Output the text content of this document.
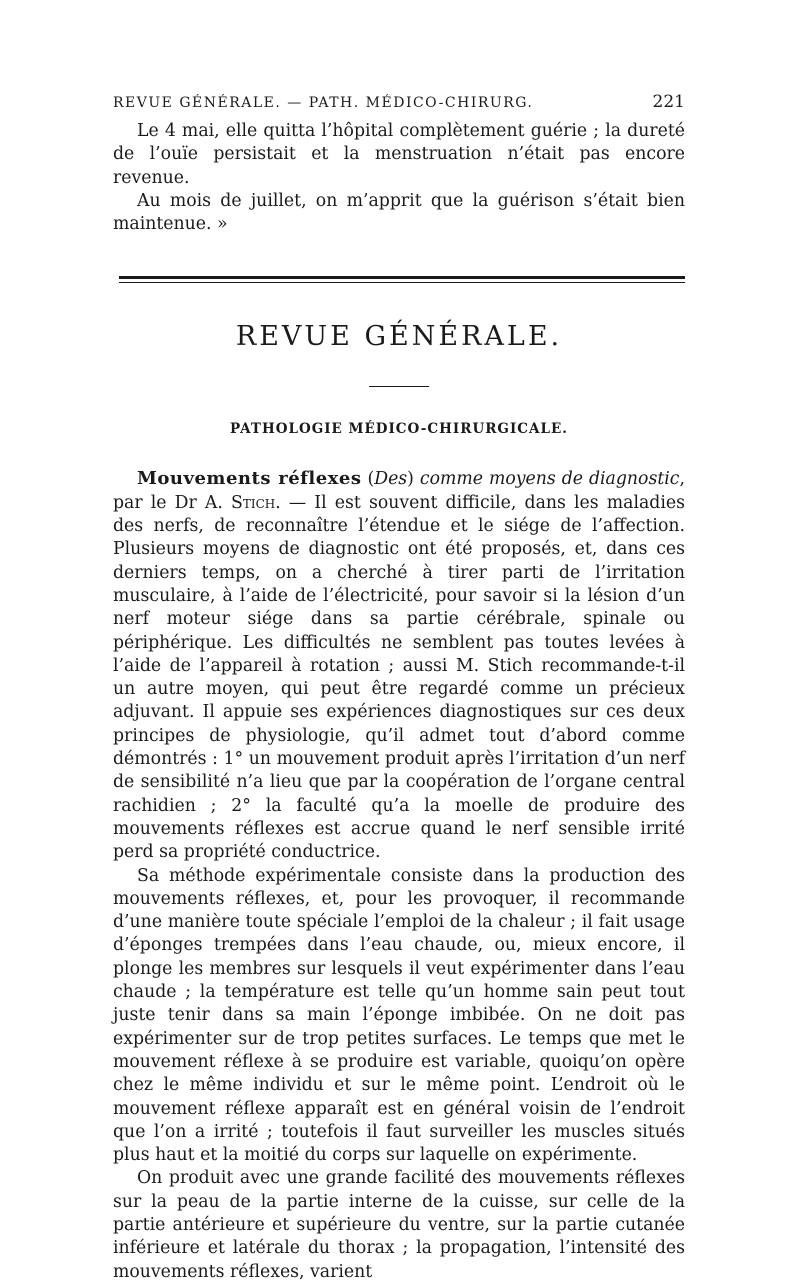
REVUE GÉNÉRALE. — PATH. MÉDICO-CHIRURG.	221

Le 4 mai, elle quitta l’hôpital complètement guérie ; la dureté de l’ouïe persistait et la menstruation n’était pas encore revenue.

Au mois de juillet, on m’apprit que la guérison s’était bien maintenue. »

REVUE GÉNÉRALE.
PATHOLOGIE MÉDICO-CHIRURGICALE.

Mouvements réflexes (Des) comme moyens de diagnostic, par le Dr A. Stich. — Il est souvent difficile, dans les maladies des nerfs, de reconnaître l’étendue et le siége de l’affection. Plusieurs moyens de diagnostic ont été proposés, et, dans ces derniers temps, on a cherché à tirer parti de l’irritation musculaire, à l’aide de l’électricité, pour savoir si la lésion d’un nerf moteur siége dans sa partie cérébrale, spinale ou périphérique. Les difficultés ne semblent pas toutes levées à l’aide de l’appareil à rotation ; aussi M. Stich recommande-t-il un autre moyen, qui peut être regardé comme un précieux adjuvant. Il appuie ses expériences diagnostiques sur ces deux principes de physiologie, qu’il admet tout d’abord comme démontrés : 1° un mouvement produit après l’irritation d’un nerf de sensibilité n’a lieu que par la coopération de l’organe central rachidien ; 2° la faculté qu’a la moelle de produire des mouvements réflexes est accrue quand le nerf sensible irrité perd sa propriété conductrice.

Sa méthode expérimentale consiste dans la production des mouvements réflexes, et, pour les provoquer, il recommande d’une manière toute spéciale l’emploi de la chaleur ; il fait usage d’éponges trempées dans l’eau chaude, ou, mieux encore, il plonge les membres sur lesquels il veut expérimenter dans l’eau chaude ; la température est telle qu’un homme sain peut tout juste tenir dans sa main l’éponge imbibée. On ne doit pas expérimenter sur de trop petites surfaces. Le temps que met le mouvement réflexe à se produire est variable, quoiqu’on opère chez le même individu et sur le même point. L’endroit où le mouvement réflexe apparaît est en général voisin de l’endroit que l’on a irrité ; toutefois il faut surveiller les muscles situés plus haut et la moitié du corps sur laquelle on expérimente.

On produit avec une grande facilité des mouvements réflexes sur la peau de la partie interne de la cuisse, sur celle de la partie antérieure et supérieure du ventre, sur la partie cutanée inférieure et latérale du thorax ; la propagation, l’intensité des mouvements réflexes, varient
